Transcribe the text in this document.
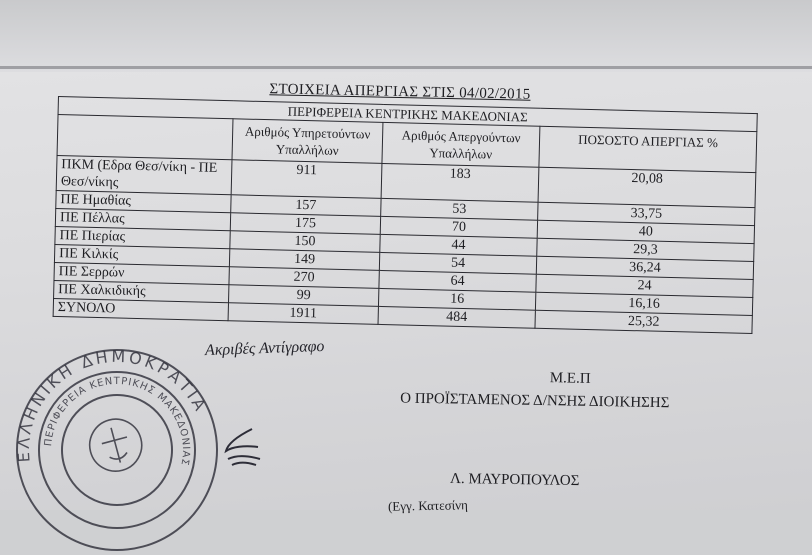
ΣΤΟΙΧΕΙΑ ΑΠΕΡΓΙΑΣ ΣΤΙΣ 04/02/2015
ΠΕΡΙΦΕΡΕΙΑ ΚΕΝΤΡΙΚΗΣ ΜΑΚΕΔΟΝΙΑΣ			
	Αριθμός Υπηρετούντων Υπαλλήλων	Αριθμός Απεργούντων Υπαλλήλων	ΠΟΣΟΣΤΟ ΑΠΕΡΓΙΑΣ %
ΠΚΜ (Εδρα Θεσ/νίκη - ΠΕ Θεσ/νίκης	911	183	20,08
ΠΕ Ημαθίας	157	53	33,75
ΠΕ Πέλλας	175	70	40
ΠΕ Πιερίας	150	44	29,3
ΠΕ Κιλκίς	149	54	36,24
ΠΕ Σερρών	270	64	24
ΠΕ Χαλκιδικής	99	16	16,16
ΣΥΝΟΛΟ	1911	484	25,32
Ακριβές Αντίγραφο
Μ.Ε.Π
Ο ΠΡΟΪΣΤΑΜΕΝΟΣ Δ/ΝΣΗΣ ΔΙΟΙΚΗΣΗΣ
Λ. ΜΑΥΡΟΠΟΥΛΟΣ
(Εγγ. Κατεσίνη
ΕΛΛΗΝΙΚΗ ΔΗΜΟΚΡΑΤΙΑ
ΠΕΡΙΦΕΡΕΙΑ ΚΕΝΤΡΙΚΗΣ ΜΑΚΕΔΟΝΙΑΣ
